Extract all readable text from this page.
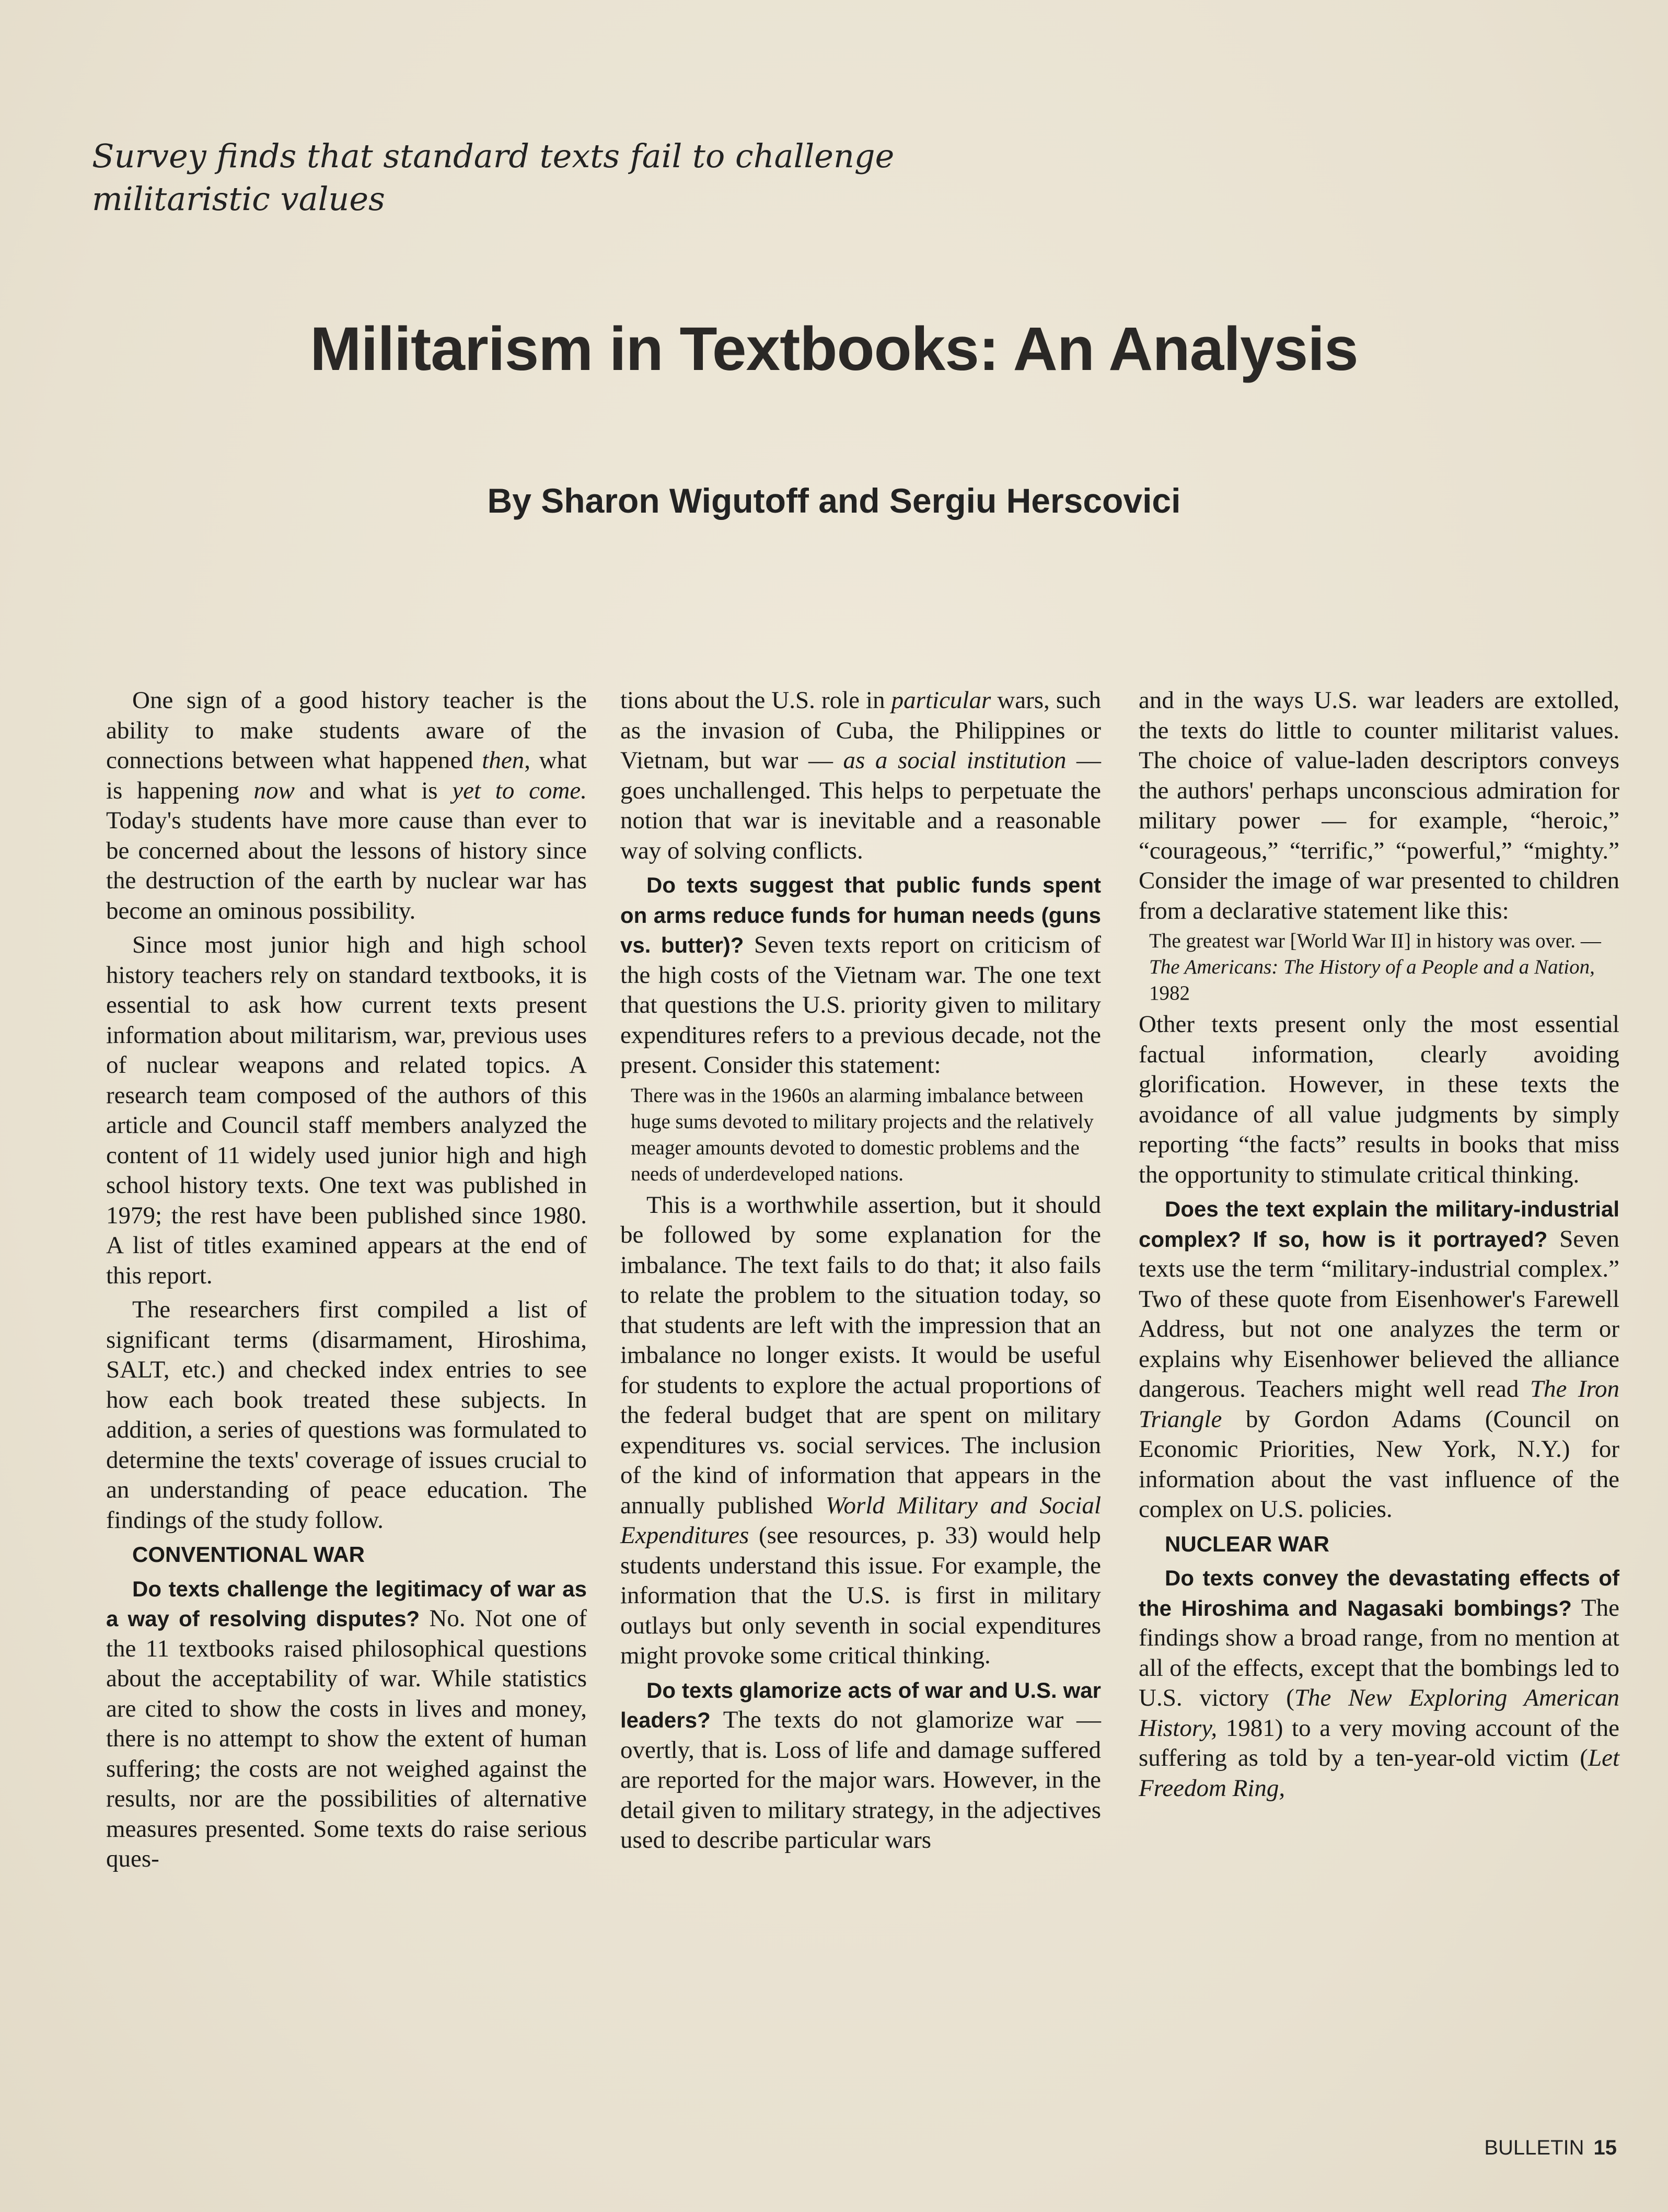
Survey finds that standard texts fail to challenge militaristic values
Militarism in Textbooks: An Analysis
By Sharon Wigutoff and Sergiu Herscovici

One sign of a good history teacher is the ability to make students aware of the connections between what happened then, what is happening now and what is yet to come. Today's students have more cause than ever to be concerned about the lessons of history since the destruction of the earth by nuclear war has become an ominous possibility.

Since most junior high and high school history teachers rely on standard textbooks, it is essential to ask how current texts present information about militarism, war, previous uses of nuclear weapons and related topics. A research team composed of the authors of this article and Council staff members analyzed the content of 11 widely used junior high and high school history texts. One text was published in 1979; the rest have been published since 1980. A list of titles examined appears at the end of this report.

The researchers first compiled a list of significant terms (disarmament, Hiroshima, SALT, etc.) and checked index entries to see how each book treated these subjects. In addition, a series of questions was formulated to determine the texts' coverage of issues crucial to an understanding of peace education. The findings of the study follow.

CONVENTIONAL WAR

Do texts challenge the legitimacy of war as a way of resolving disputes? No. Not one of the 11 textbooks raised philosophical questions about the acceptability of war. While statistics are cited to show the costs in lives and money, there is no attempt to show the extent of human suffering; the costs are not weighed against the results, nor are the possibilities of alternative measures presented. Some texts do raise serious ques-

tions about the U.S. role in particular wars, such as the invasion of Cuba, the Philippines or Vietnam, but war — as a social institution — goes unchallenged. This helps to perpetuate the notion that war is inevitable and a reasonable way of solving conflicts.

Do texts suggest that public funds spent on arms reduce funds for human needs (guns vs. butter)? Seven texts report on criticism of the high costs of the Vietnam war. The one text that questions the U.S. priority given to military expenditures refers to a previous decade, not the present. Consider this statement:

There was in the 1960s an alarming imbalance between huge sums devoted to military projects and the relatively meager amounts devoted to domestic problems and the needs of underdeveloped nations.

This is a worthwhile assertion, but it should be followed by some explanation for the imbalance. The text fails to do that; it also fails to relate the problem to the situation today, so that students are left with the impression that an imbalance no longer exists. It would be useful for students to explore the actual proportions of the federal budget that are spent on military expenditures vs. social services. The inclusion of the kind of information that appears in the annually published World Military and Social Expenditures (see resources, p. 33) would help students understand this issue. For example, the information that the U.S. is first in military outlays but only seventh in social expenditures might provoke some critical thinking.

Do texts glamorize acts of war and U.S. war leaders? The texts do not glamorize war — overtly, that is. Loss of life and damage suffered are reported for the major wars. However, in the detail given to military strategy, in the adjectives used to describe particular wars

and in the ways U.S. war leaders are extolled, the texts do little to counter militarist values. The choice of value-laden descriptors conveys the authors' perhaps unconscious admiration for military power — for example, “heroic,” “courageous,” “terrific,” “powerful,” “mighty.” Consider the image of war presented to children from a declarative statement like this:

The greatest war [World War II] in history was over. — The Americans: The History of a People and a Nation, 1982

Other texts present only the most essential factual information, clearly avoiding glorification. However, in these texts the avoidance of all value judgments by simply reporting “the facts” results in books that miss the opportunity to stimulate critical thinking.

Does the text explain the military-industrial complex? If so, how is it portrayed? Seven texts use the term “military-industrial complex.” Two of these quote from Eisenhower's Farewell Address, but not one analyzes the term or explains why Eisenhower believed the alliance dangerous. Teachers might well read The Iron Triangle by Gordon Adams (Council on Economic Priorities, New York, N.Y.) for information about the vast influence of the complex on U.S. policies.

NUCLEAR WAR

Do texts convey the devastating effects of the Hiroshima and Nagasaki bombings? The findings show a broad range, from no mention at all of the effects, except that the bombings led to U.S. victory (The New Exploring American History, 1981) to a very moving account of the suffering as told by a ten-year-old victim (Let Freedom Ring,

BULLETIN 15
